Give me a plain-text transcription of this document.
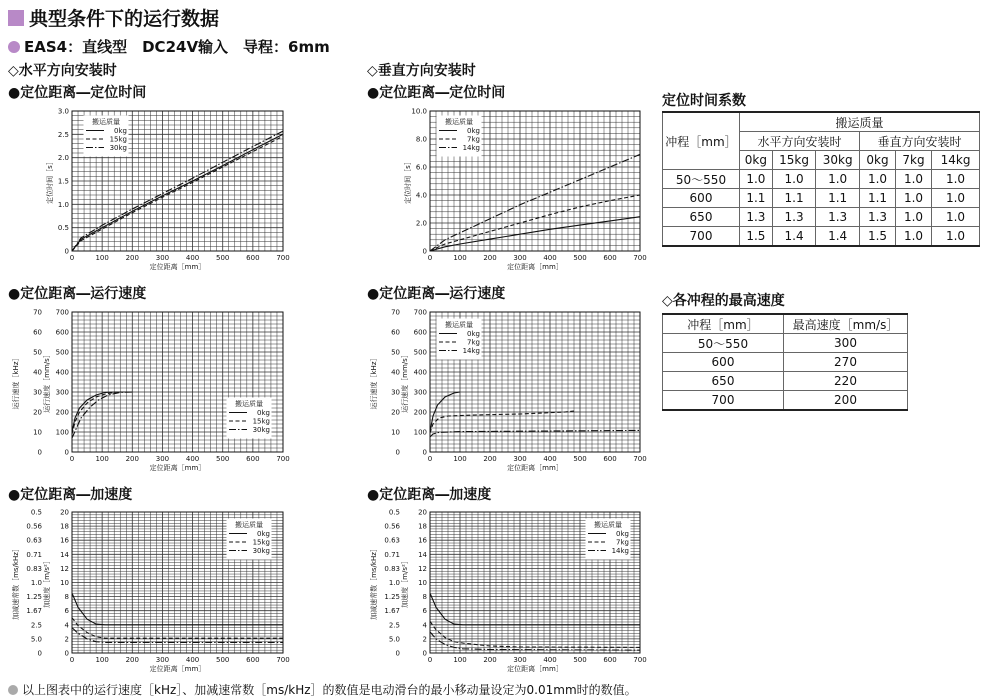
典型条件下的运行数据
EAS4 ：直线型　DC24V输入　导程：6mm
◇水平方向安装时	◇垂直方向安装时
●定位距离―定位时间	●定位距离―定位时间
●定位距离―运行速度	●定位距离―运行速度
●定位距离―加速度	●定位距离―加速度
0	100 200 300 400 500 600 700
定位距离［mm］
0
0.5
1.0
1.5
2.0
2.5
3.0
定位时间［s］
搬运质量
0kg
15kg
30kg
0	100 200 300 400 500 600 700
定位距离［mm］
0
2.0
4.0
6.0
8.0
10.0
定位时间［s］
搬运质量
0kg
7kg
14kg
0	100 200 300 400 500 600 700
定位距离［mm］
0
100
200
300
400
500
600
700
0
10
20
30
40
50
60
70
运行速度［kHz］	运行速度［mm/s］	搬运质量
0kg
15kg
30kg
0	100 200 300 400 500 600 700
定位距离［mm］
0
100
200
300
400
500
600
700
0
10
20
30
40
50
60
70
运行速度［kHz］	运行速度［mm/s］
搬运质量
0kg
7kg
14kg
0	100 200 300 400 500 600 700
定位距离［mm］
0
2
4
6
8
10
12
14
16
18
20
0
5.0
2.5
1.67
1.25
1.0
0.83
0.71
0.63
0.56
0.5
加减速常数［ms/kHz］	加速度［m/s²］
搬运质量
0kg
15kg
30kg
0	100 200 300 400 500 600 700
定位距离［mm］
0
2
4
6
8
10
12
14
16
18
20
0
5.0
2.5
1.67
1.25
1.0
0.83
0.71
0.63
0.56
0.5
加减速常数［ms/kHz］	加速度［m/s²］
搬运质量
0kg
7kg
14kg
定位时间系数
冲程［mm］	搬运质量					
	水平方向安装时			垂直方向安装时		
	0kg	15kg	30kg	0kg	7kg	14kg
50～550	1.0	1.0	1.0	1.0	1.0	1.0
600	1.1	1.1	1.1	1.1	1.0	1.0
650	1.3	1.3	1.3	1.3	1.0	1.0
700	1.5	1.4	1.4	1.5	1.0	1.0
◇各冲程的最高速度
冲程［mm］	最高速度［mm/s］
50～550	300
600	270
650	220
700	200
以上图表中的运行速度［kHz］、加减速常数［ms/kHz］的数值是电动滑台的最小移动量设定为0.01mm时的数值。
